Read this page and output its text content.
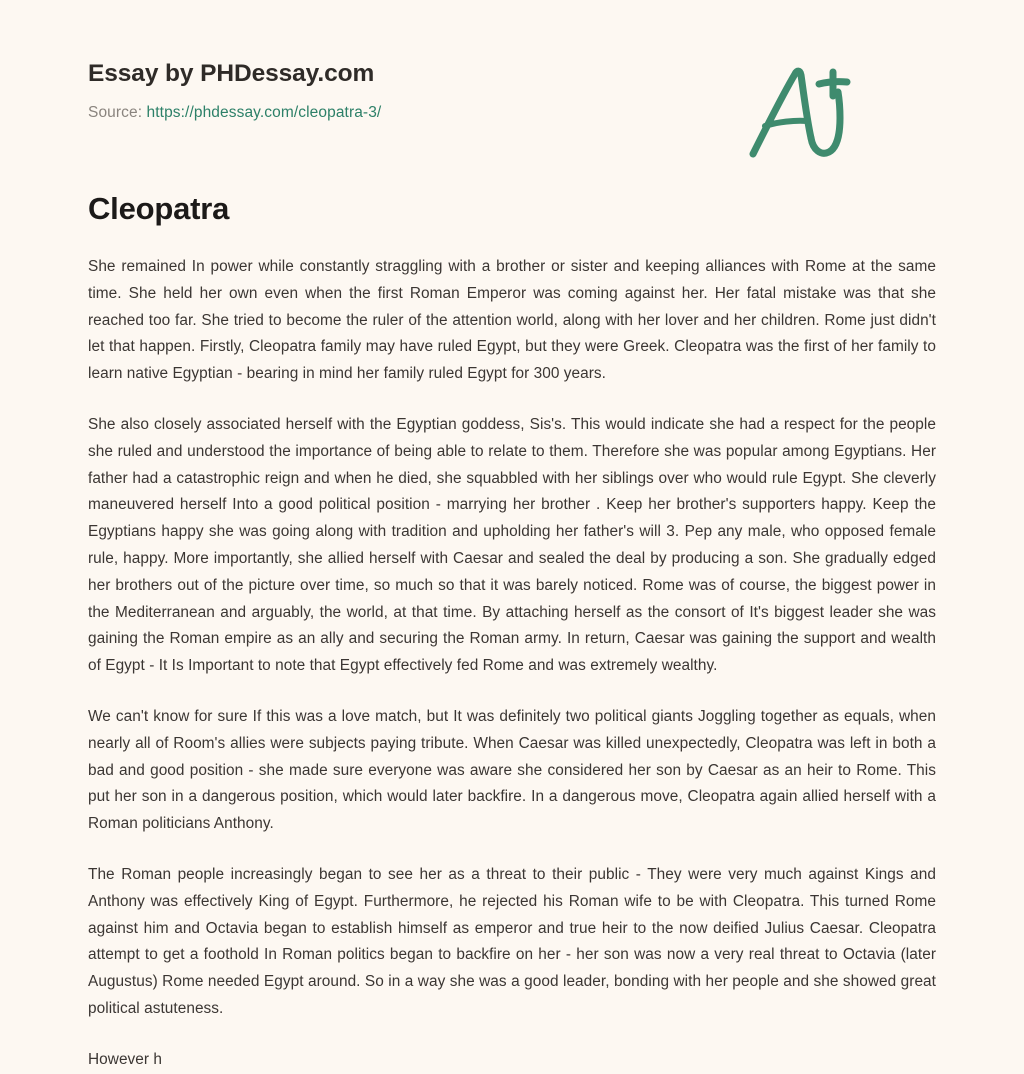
Essay by PHDessay.com
Source: https://phdessay.com/cleopatra-3/
Cleopatra

She remained In power while constantly straggling with a brother or sister and keeping alliances with Rome at the same time. She held her own even when the first Roman Emperor was coming against her. Her fatal mistake was that she reached too far. She tried to become the ruler of the attention world, along with her lover and her children. Rome just didn't let that happen. Firstly, Cleopatra family may have ruled Egypt, but they were Greek. Cleopatra was the first of her family to learn native Egyptian - bearing in mind her family ruled Egypt for 300 years.

She also closely associated herself with the Egyptian goddess, Sis's. This would indicate she had a respect for the people she ruled and understood the importance of being able to relate to them. Therefore she was popular among Egyptians. Her father had a catastrophic reign and when he died, she squabbled with her siblings over who would rule Egypt. She cleverly maneuvered herself Into a good political position - marrying her brother . Keep her brother's supporters happy. Keep the Egyptians happy she was going along with tradition and upholding her father's will 3. Pep any male, who opposed female rule, happy. More importantly, she allied herself with Caesar and sealed the deal by producing a son. She gradually edged her brothers out of the picture over time, so much so that it was barely noticed. Rome was of course, the biggest power in the Mediterranean and arguably, the world, at that time. By attaching herself as the consort of It's biggest leader she was gaining the Roman empire as an ally and securing the Roman army. In return, Caesar was gaining the support and wealth of Egypt - It Is Important to note that Egypt effectively fed Rome and was extremely wealthy.

We can't know for sure If this was a love match, but It was definitely two political giants Joggling together as equals, when nearly all of Room's allies were subjects paying tribute. When Caesar was killed unexpectedly, Cleopatra was left in both a bad and good position - she made sure everyone was aware she considered her son by Caesar as an heir to Rome. This put her son in a dangerous position, which would later backfire. In a dangerous move, Cleopatra again allied herself with a Roman politicians Anthony.

The Roman people increasingly began to see her as a threat to their public - They were very much against Kings and Anthony was effectively King of Egypt. Furthermore, he rejected his Roman wife to be with Cleopatra. This turned Rome against him and Octavia began to establish himself as emperor and true heir to the now deified Julius Caesar. Cleopatra attempt to get a foothold In Roman politics began to backfire on her - her son was now a very real threat to Octavia (later Augustus) Rome needed Egypt around. So in a way she was a good leader, bonding with her people and she showed great political astuteness.

However h
